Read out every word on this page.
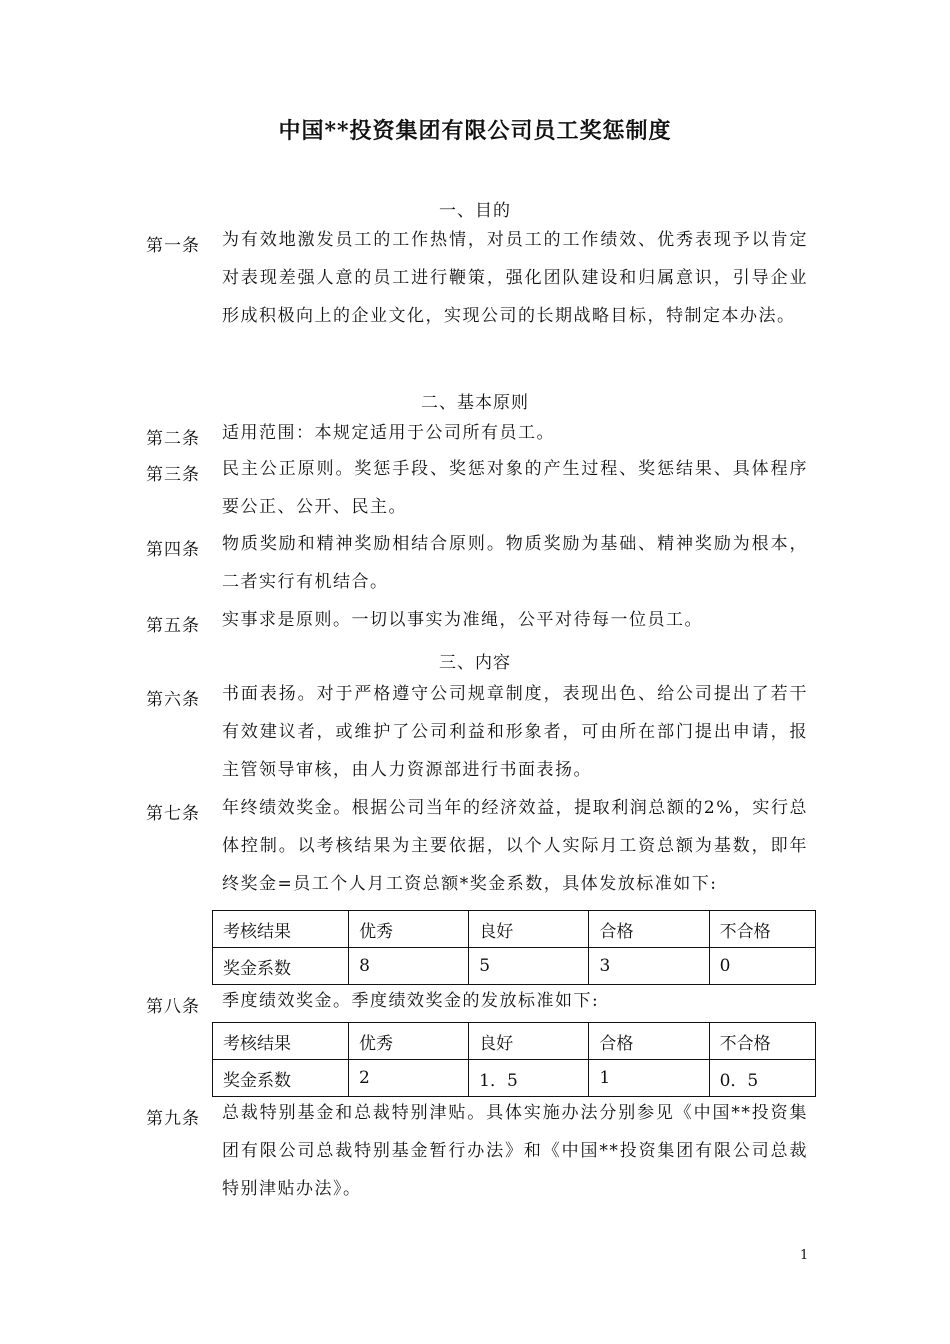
中国**投资集团有限公司员工奖惩制度
一、目的
第一条	为有效地激发员工的工作热情，对员工的工作绩效、优秀表现予以肯定对表现差强人意的员工进行鞭策，强化团队建设和归属意识，引导企业形成积极向上的企业文化，实现公司的长期战略目标，特制定本办法。
二、基本原则
第二条	适用范围：本规定适用于公司所有员工。
第三条	民主公正原则。奖惩手段、奖惩对象的产生过程、奖惩结果、具体程序要公正、公开、民主。
第四条	物质奖励和精神奖励相结合原则。物质奖励为基础、精神奖励为根本，二者实行有机结合。
第五条	实事求是原则。一切以事实为准绳，公平对待每一位员工。
三、内容
第六条	书面表扬。对于严格遵守公司规章制度，表现出色、给公司提出了若干有效建议者，或维护了公司利益和形象者，可由所在部门提出申请，报主管领导审核，由人力资源部进行书面表扬。
第七条	年终绩效奖金。根据公司当年的经济效益，提取利润总额的2%，实行总体控制。以考核结果为主要依据，以个人实际月工资总额为基数，即年终奖金=员工个人月工资总额*奖金系数，具体发放标准如下:
考核结果	优秀	良好	合格	不合格
奖金系数	8	5	3	0
第八条	季度绩效奖金。季度绩效奖金的发放标准如下:
考核结果	优秀	良好	合格	不合格
奖金系数	2	1．5	1	0．5
第九条	总裁特别基金和总裁特别津贴。具体实施办法分别参见《中国**投资集团有限公司总裁特别基金暂行办法》和《中国**投资集团有限公司总裁特别津贴办法》。
1
